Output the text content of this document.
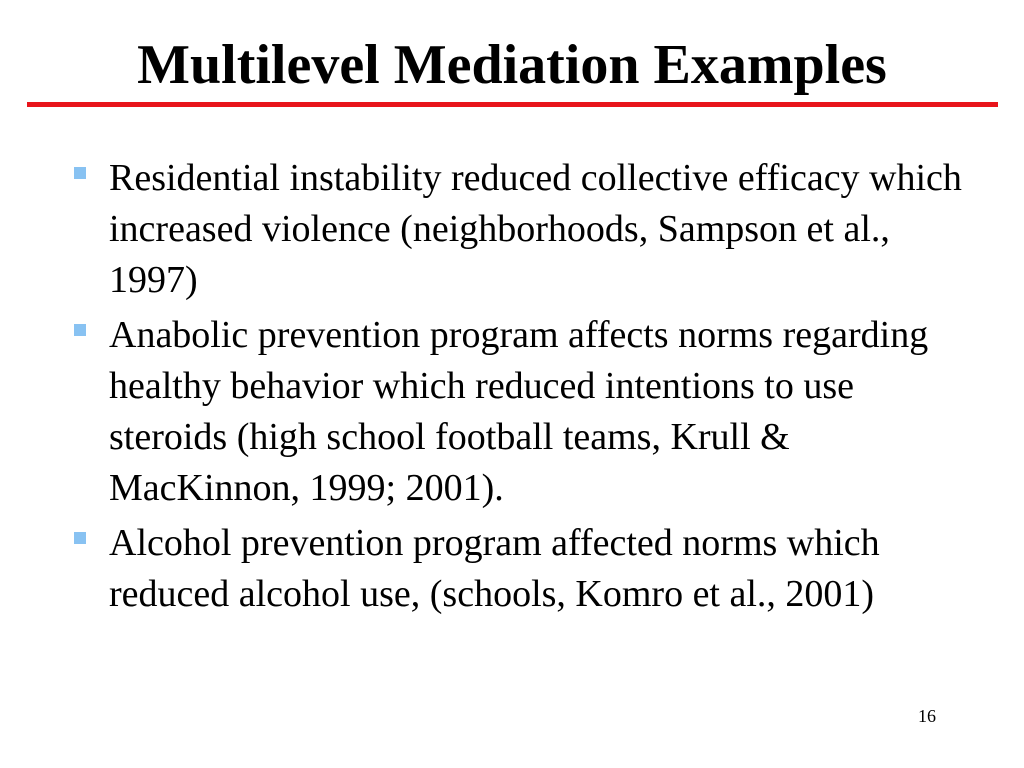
Multilevel Mediation Examples
Residential instability reduced collective efficacy which increased violence (neighborhoods, Sampson et al., 1997)
Anabolic prevention program affects norms regarding healthy behavior which reduced intentions to use steroids (high school football teams, Krull & MacKinnon, 1999; 2001).
Alcohol prevention program affected norms which reduced alcohol use, (schools, Komro et al., 2001)
16
